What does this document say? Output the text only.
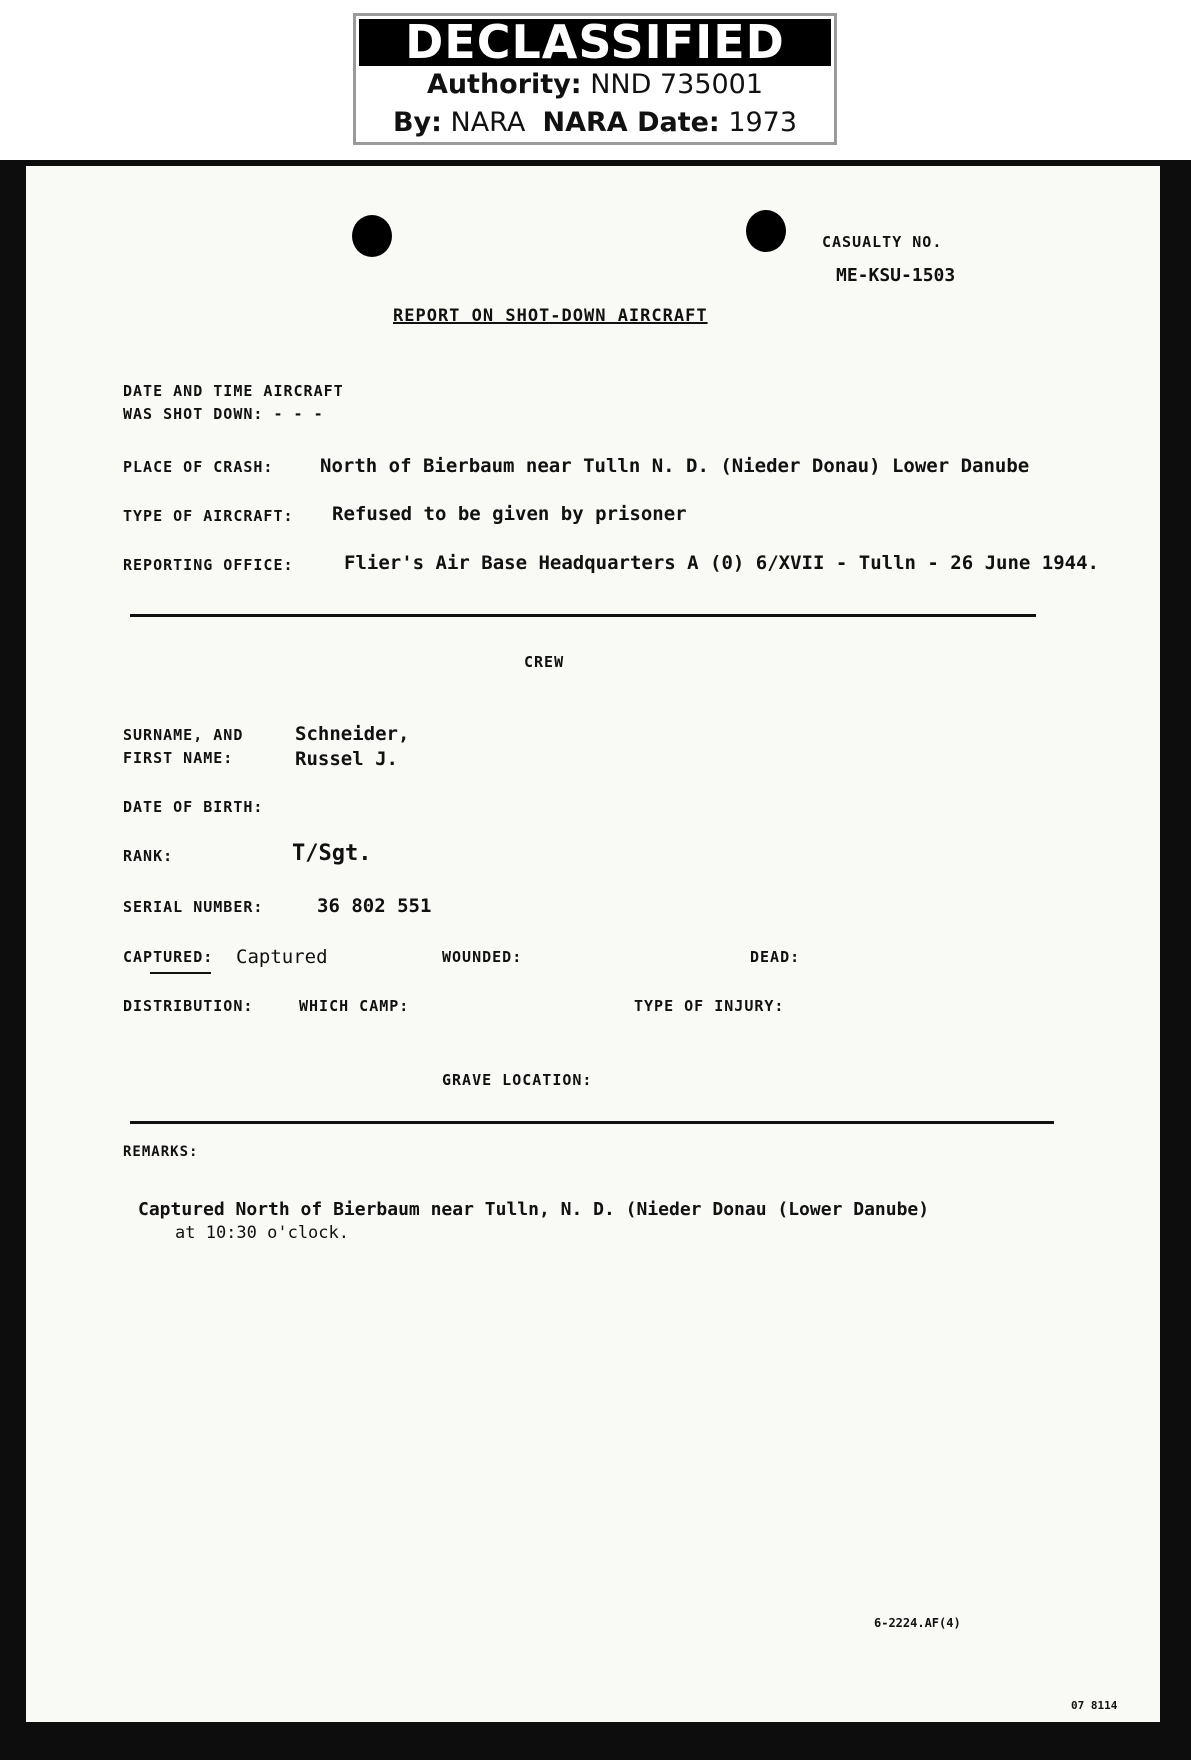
DECLASSIFIED
Authority: NND 735001
By: NARA NARA Date: 1973
CASUALTY NO.
ME-KSU-1503
REPORT ON SHOT-DOWN AIRCRAFT
DATE AND TIME AIRCRAFT
WAS SHOT DOWN: - - -
PLACE OF CRASH: North of Bierbaum near Tulln N. D. (Nieder Donau) Lower Danube
TYPE OF AIRCRAFT: Refused to be given by prisoner
REPORTING OFFICE:	Flier's Air Base Headquarters A (0) 6/XVII - Tulln - 26 June 1944.
CREW
SURNAME, AND
FIRST NAME:
Schneider,
Russel J.
DATE OF BIRTH:
RANK:	T/Sgt.
SERIAL NUMBER:	36 802 551
CAPTURED: Captured	WOUNDED:	DEAD:
DISTRIBUTION:	WHICH CAMP:	TYPE OF INJURY:
GRAVE LOCATION:
REMARKS:
Captured North of Bierbaum near Tulln, N. D. (Nieder Donau (Lower Danube)
at 10:30 o'clock.
6-2224.AF(4)
07 8114
